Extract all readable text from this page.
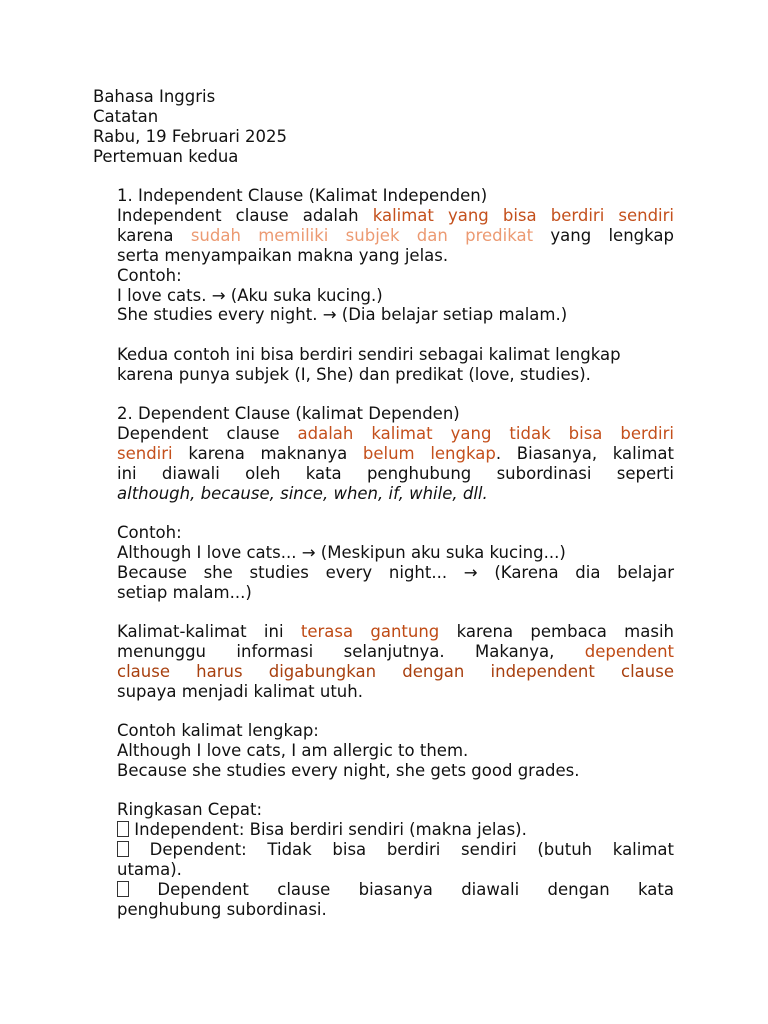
Bahasa Inggris
Catatan
Rabu, 19 Februari 2025
Pertemuan kedua
1. Independent Clause (Kalimat Independen)
Independent clause adalah kalimat yang bisa berdiri sendiri
karena sudah memiliki subjek dan predikat yang lengkap
serta menyampaikan makna yang jelas.
Contoh:
I love cats. → (Aku suka kucing.)
She studies every night. → (Dia belajar setiap malam.)
Kedua contoh ini bisa berdiri sendiri sebagai kalimat lengkap
karena punya subjek (I, She) dan predikat (love, studies).
2. Dependent Clause (kalimat Dependen)
Dependent clause adalah kalimat yang tidak bisa berdiri
sendiri karena maknanya belum lengkap. Biasanya, kalimat
ini diawali oleh kata penghubung subordinasi seperti
although, because, since, when, if, while, dll.
Contoh:
Although I love cats... → (Meskipun aku suka kucing...)
Because she studies every night... → (Karena dia belajar
setiap malam...)
Kalimat-kalimat ini terasa gantung karena pembaca masih
menunggu informasi selanjutnya. Makanya, dependent
clause harus digabungkan dengan independent clause
supaya menjadi kalimat utuh.
Contoh kalimat lengkap:
Although I love cats, I am allergic to them.
Because she studies every night, she gets good grades.
Ringkasan Cepat:
Independent: Bisa berdiri sendiri (makna jelas).
Dependent: Tidak bisa berdiri sendiri (butuh kalimat
utama).
Dependent clause biasanya diawali dengan kata
penghubung subordinasi.
